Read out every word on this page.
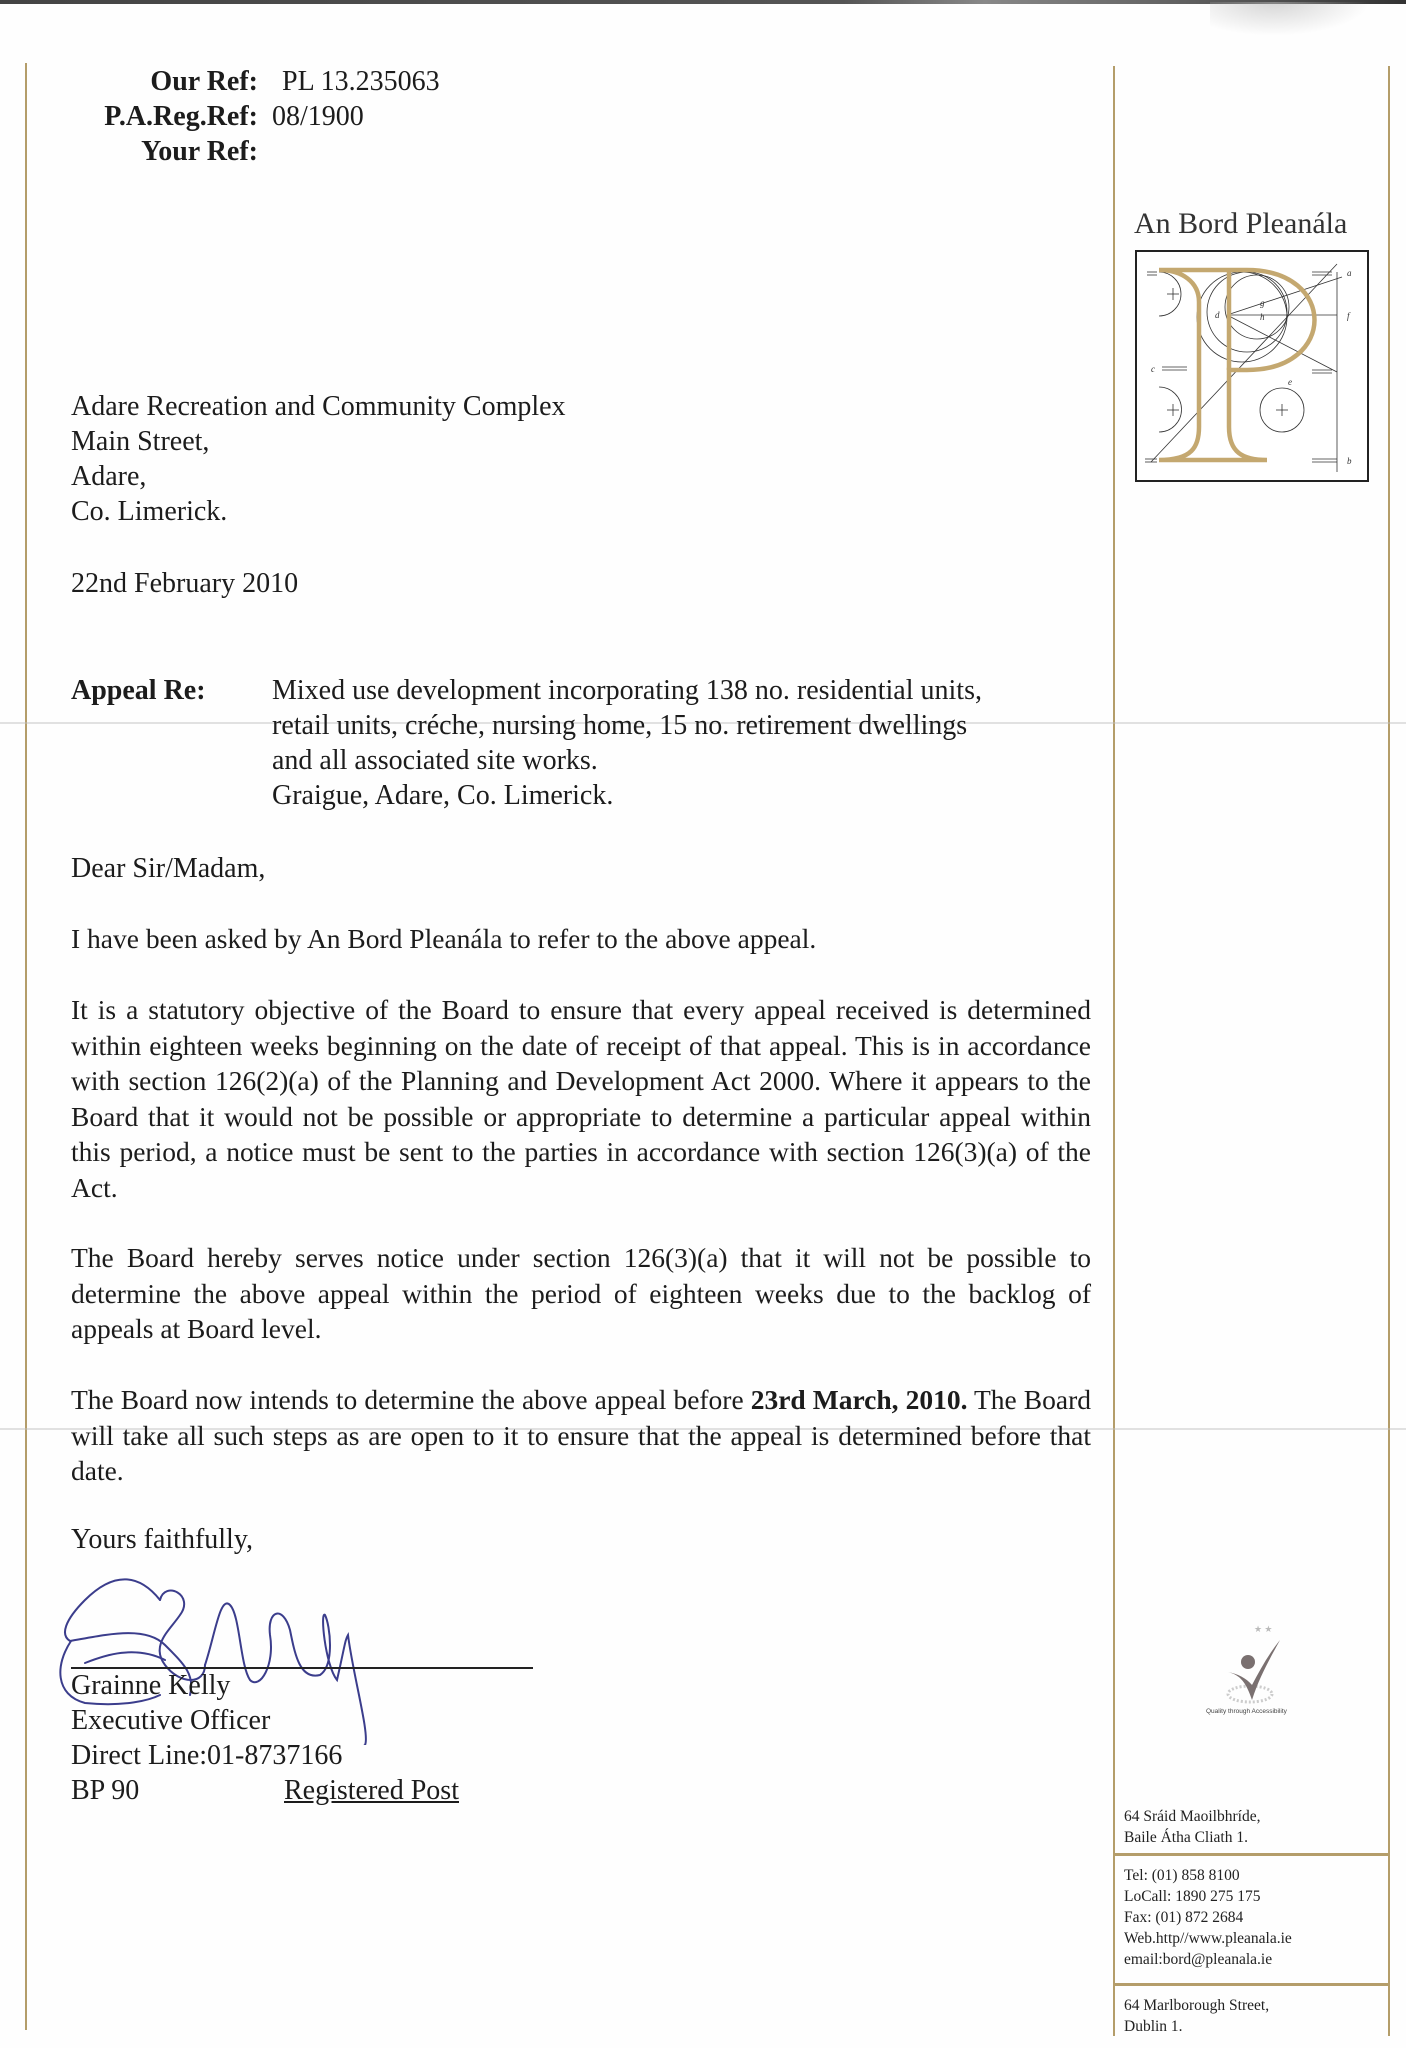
Our Ref: PL 13.235063
P.A.Reg.Ref: 08/1900
Your Ref:
Adare Recreation and Community Complex
Main Street,
Adare,
Co. Limerick.
22nd February 2010
Appeal Re: Mixed use development incorporating 138 no. residential units,
retail units, créche, nursing home, 15 no. retirement dwellings
and all associated site works.
Graigue, Adare, Co. Limerick.
Dear Sir/Madam,
I have been asked by An Bord Pleanála to refer to the above appeal.
It is a statutory objective of the Board to ensure that every appeal received is determined within eighteen weeks beginning on the date of receipt of that appeal. This is in accordance with section 126(2)(a) of the Planning and Development Act 2000. Where it appears to the Board that it would not be possible or appropriate to determine a particular appeal within this period, a notice must be sent to the parties in accordance with section 126(3)(a) of the Act.
The Board hereby serves notice under section 126(3)(a) that it will not be possible to determine the above appeal within the period of eighteen weeks due to the backlog of appeals at Board level.
The Board now intends to determine the above appeal before 23rd March, 2010. The Board will take all such steps as are open to it to ensure that the appeal is determined before that date.
Yours faithfully,
Grainne Kelly
Executive Officer
Direct Line:01-8737166
BP 90	Registered Post
An Bord Pleanála
a
b
c
d
e
f
g
h
★ ★
Quality through Accessibility
64 Sráid Maoilbhríde,
Baile Átha Cliath 1.
Tel: (01) 858 8100
LoCall: 1890 275 175
Fax: (01) 872 2684
Web.http//www.pleanala.ie
email:bord@pleanala.ie
64 Marlborough Street,
Dublin 1.
